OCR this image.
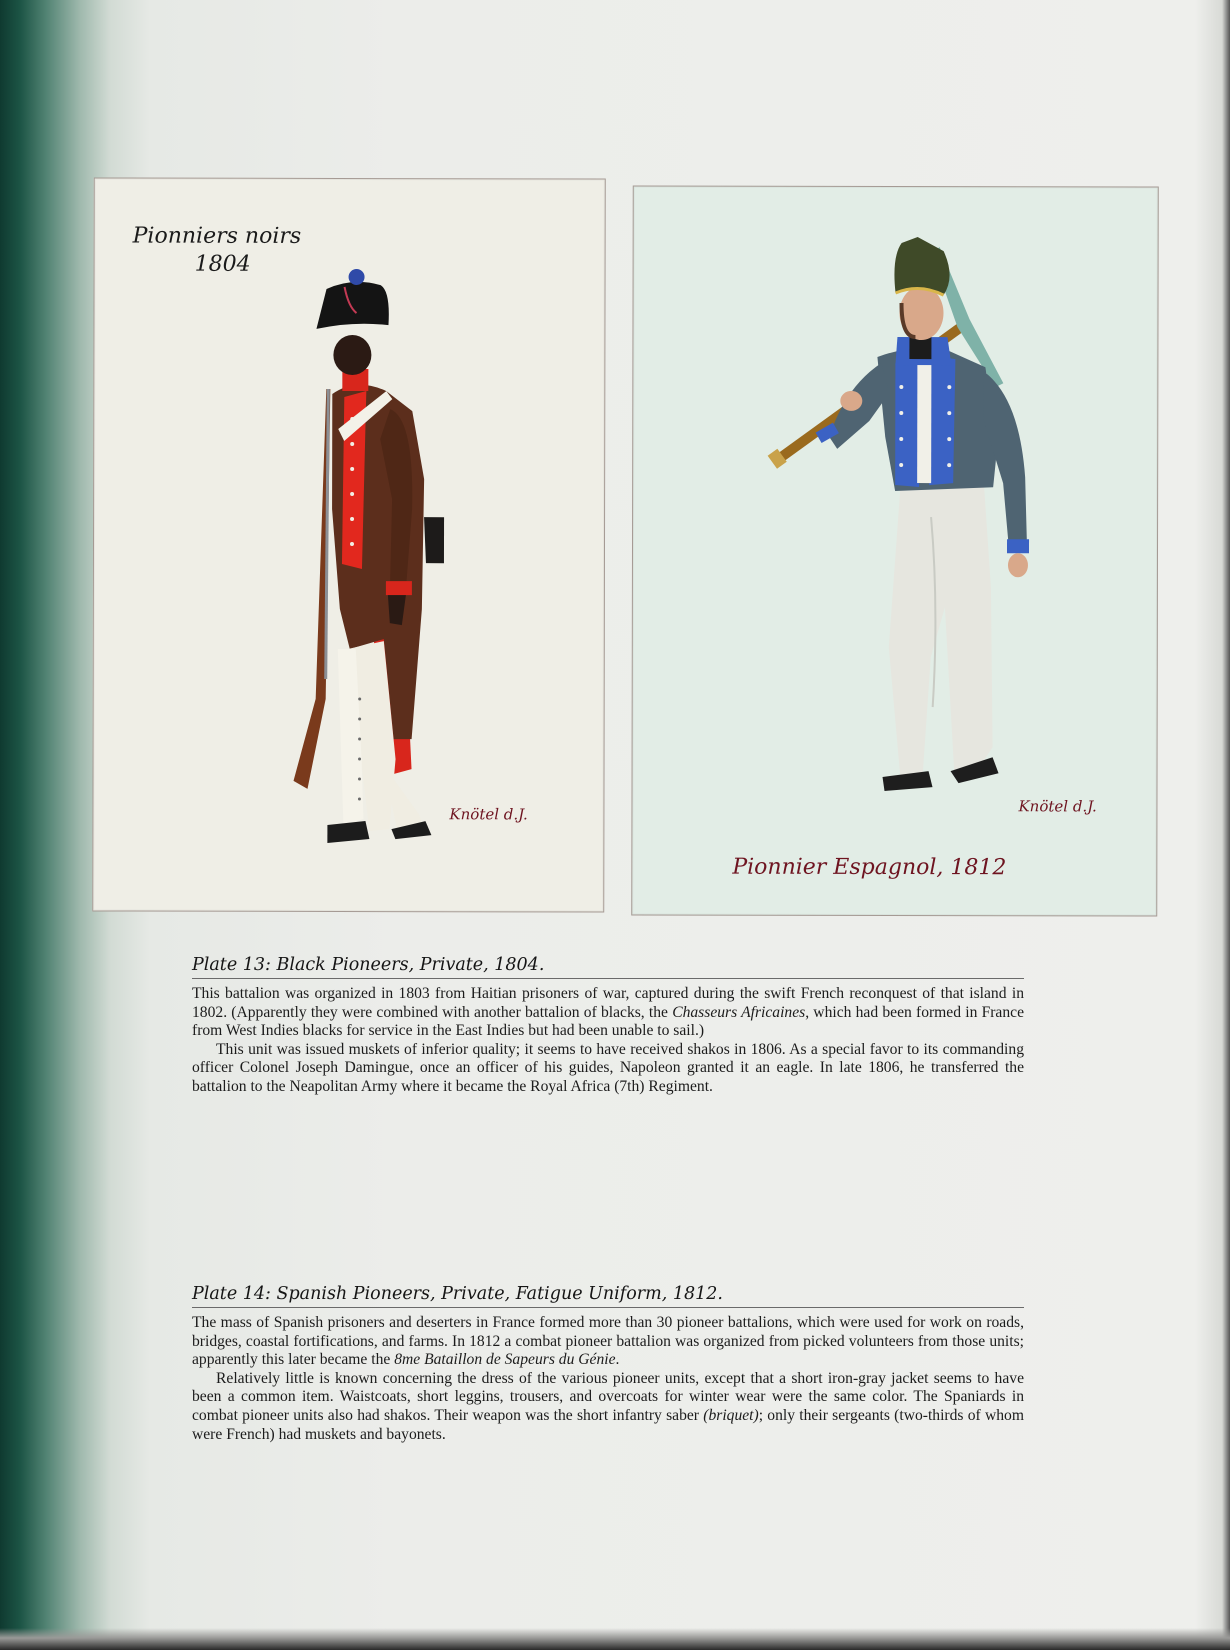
Pionniers noirs
1804
Knötel d.J.	Knötel d.J.
Pionnier Espagnol, 1812
Plate 13: Black Pioneers, Private, 1804.

This battalion was organized in 1803 from Haitian prisoners of war, captured during the swift French reconquest of that island in 1802. (Apparently they were combined with another battalion of blacks, the Chasseurs Africaines, which had been formed in France from West Indies blacks for service in the East Indies but had been unable to sail.)

This unit was issued muskets of inferior quality; it seems to have received shakos in 1806. As a special favor to its commanding officer Colonel Joseph Damingue, once an officer of his guides, Napoleon granted it an eagle. In late 1806, he transferred the battalion to the Neapolitan Army where it became the Royal Africa (7th) Regiment.

Plate 14: Spanish Pioneers, Private, Fatigue Uniform, 1812.

The mass of Spanish prisoners and deserters in France formed more than 30 pioneer battalions, which were used for work on roads, bridges, coastal fortifications, and farms. In 1812 a combat pioneer battalion was organized from picked volunteers from those units; apparently this later became the 8me Bataillon de Sapeurs du Génie.

Relatively little is known concerning the dress of the various pioneer units, except that a short iron-gray jacket seems to have been a common item. Waistcoats, short leggins, trousers, and overcoats for winter wear were the same color. The Spaniards in combat pioneer units also had shakos. Their weapon was the short infantry saber (briquet); only their sergeants (two-thirds of whom were French) had muskets and bayonets.
